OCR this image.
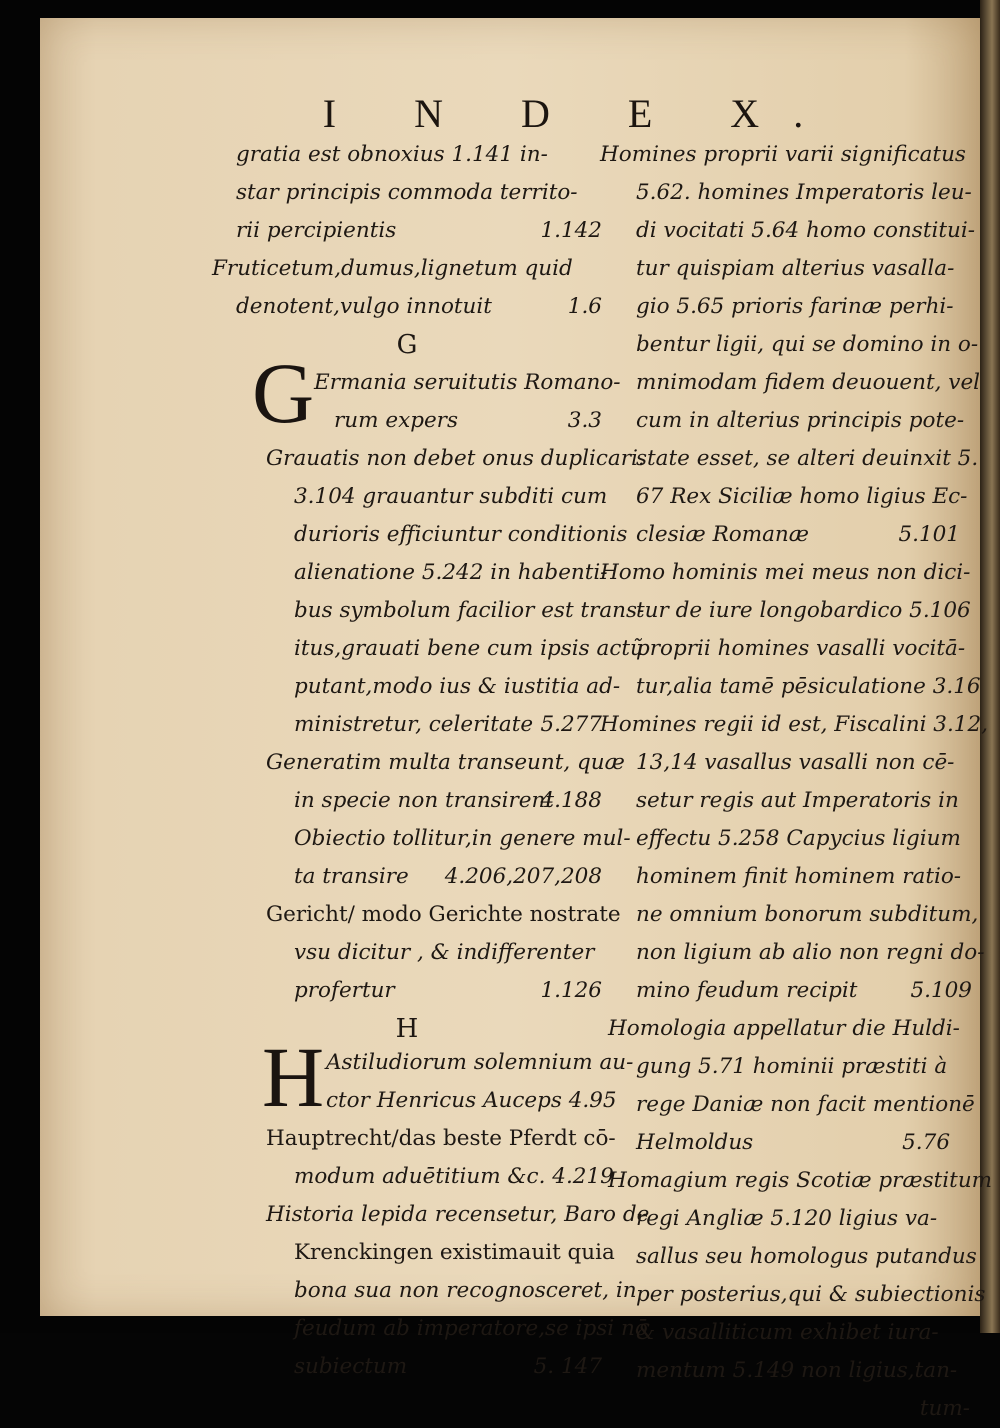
I N D E X.
gratia est obnoxius 1.141 in-
star principis commoda territo-
rii percipientis	1.142
Fruticetum,dumus,lignetum quid
denotent,vulgo innotuit	1.6
G
G Ermania seruitutis Romano-
rum expers	3.3
Grauatis non debet onus duplicari.
3.104 grauantur subditi cum
durioris efficiuntur conditionis
alienatione 5.242 in habenti-
bus symbolum facilior est trans-
itus,grauati bene cum ipsis actũ
putant,modo ius & iustitia ad-
ministretur, celeritate 5.277
Generatim multa transeunt, quæ
in specie non transirent
4.188
Obiectio tollitur,in genere mul-
ta transire 4.206,207,208
Gericht/ modo Gerichte nostrate
vsu dicitur , & indifferenter
profertur	1.126
H
H Astiludiorum solemnium au-
ctor Henricus Auceps 4.95
Hauptrecht/das beste Pferdt cō-
modum aduētitium &c. 4.219
Historia lepida recensetur, Baro de
Krenckingen existimauit quia
bona sua non recognosceret, in
feudum ab imperatore,se ipsi nō
subiectum	5. 147
Homines proprii varii significatus
5.62. homines Imperatoris leu-
di vocitati 5.64 homo constitui-
tur quispiam alterius vasalla-
gio 5.65 prioris farinæ perhi-
bentur ligii, qui se domino in o-
mnimodam fidem deuouent, vel
cum in alterius principis pote-
state esset, se alteri deuinxit 5.
67 Rex Siciliæ homo ligius Ec-
clesiæ Romanæ	5.101
Homo hominis mei meus non dici-
tur de iure longobardico 5.106
proprii homines vasalli vocitā-
tur,alia tamē pēsiculatione 3.16
Homines regii id est, Fiscalini 3.12,
13,14 vasallus vasalli non cē-
setur regis aut Imperatoris in
effectu 5.258 Capycius ligium
hominem finit hominem ratio-
ne omnium bonorum subditum,
non ligium ab alio non regni do-
mino feudum recipit 5.109
Homologia appellatur die Huldi-
gung 5.71 hominii præstiti à
rege Daniæ non facit mentionē
Helmoldus	5.76
Homagium regis Scotiæ præstitum
regi Angliæ 5.120 ligius va-
sallus seu homologus putandus
per posterius,qui & subiectionis
& vasalliticum exhibet iura-
mentum 5.149 non ligius,tan-
tum-
